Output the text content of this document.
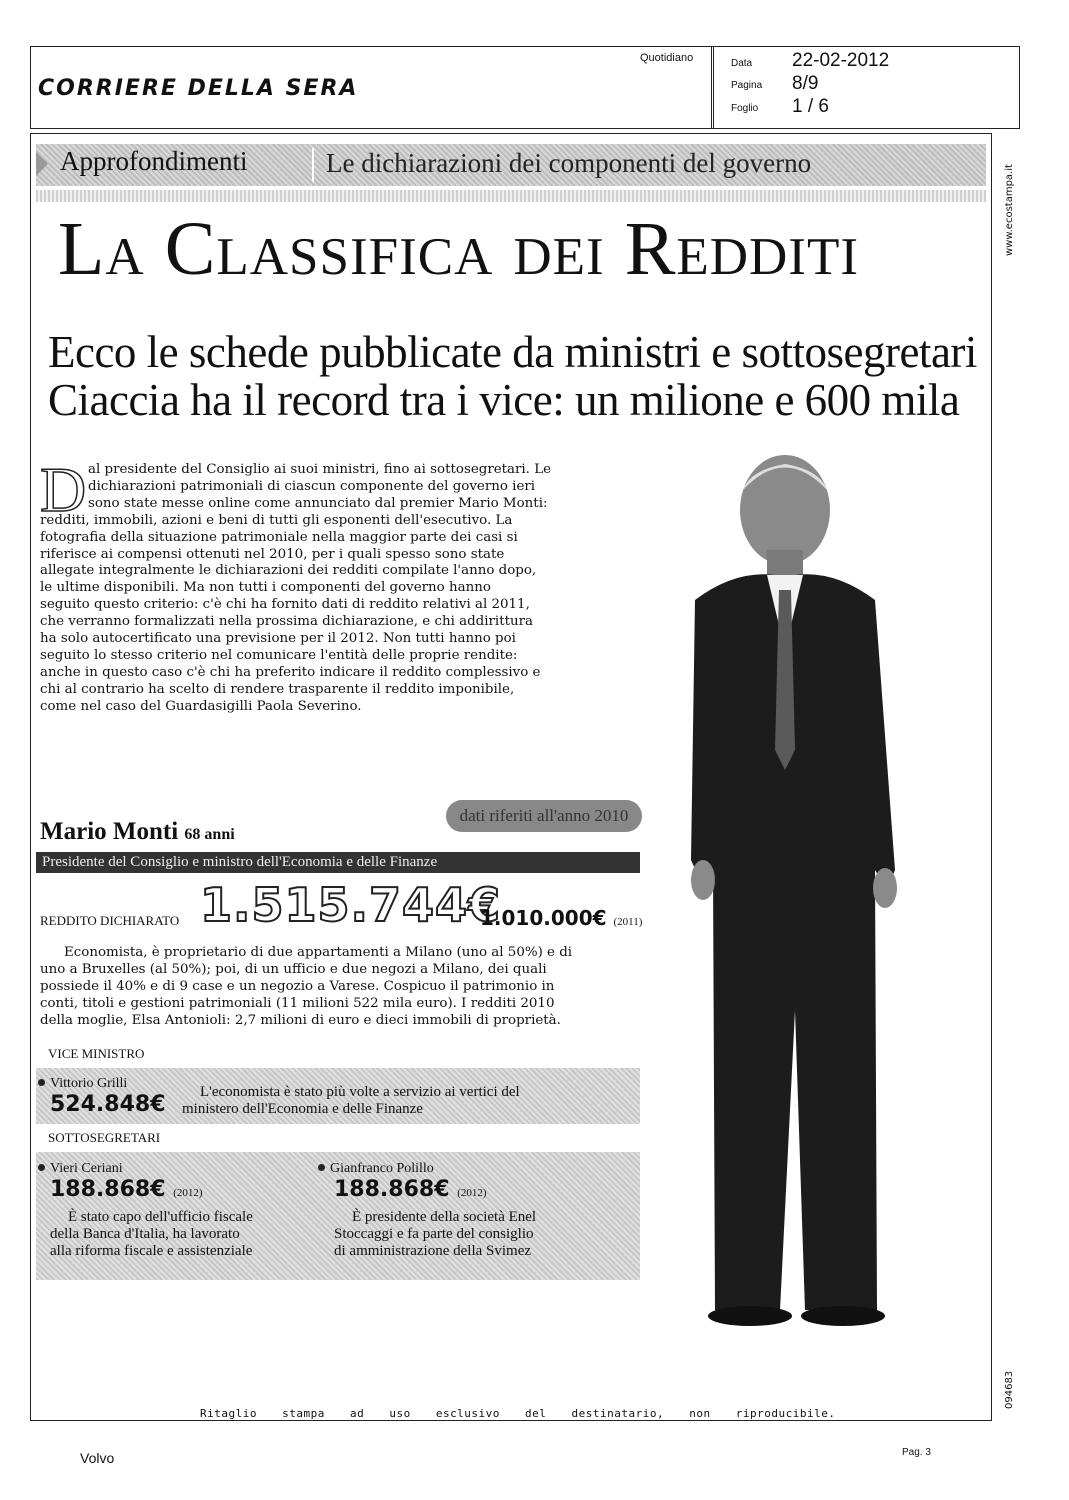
CORRIERE DELLA SERA
Quotidiano	Data 22-02-2012
Pagina 8/9
Foglio 1 / 6
www.ecostampa.it
094683
Approfondimenti	Le dichiarazioni dei componenti del governo
La Classifica dei Redditi
Ecco le schede pubblicate da ministri e sottosegretari
Ciaccia ha il record tra i vice: un milione e 600 mila
D al presidente del Consiglio ai suoi ministri, fino ai sottosegretari. Le
dichiarazioni patrimoniali di ciascun componente del governo ieri
sono state messe online come annunciato dal premier Mario Monti:
redditi, immobili, azioni e beni di tutti gli esponenti dell'esecutivo. La
fotografia della situazione patrimoniale nella maggior parte dei casi si
riferisce ai compensi ottenuti nel 2010, per i quali spesso sono state
allegate integralmente le dichiarazioni dei redditi compilate l'anno dopo,
le ultime disponibili. Ma non tutti i componenti del governo hanno
seguito questo criterio: c'è chi ha fornito dati di reddito relativi al 2011,
che verranno formalizzati nella prossima dichiarazione, e chi addirittura
ha solo autocertificato una previsione per il 2012. Non tutti hanno poi
seguito lo stesso criterio nel comunicare l'entità delle proprie rendite:
anche in questo caso c'è chi ha preferito indicare il reddito complessivo e
chi al contrario ha scelto di rendere trasparente il reddito imponibile,
come nel caso del Guardasigilli Paola Severino.
dati riferiti all'anno 2010
Mario Monti 68 anni
Presidente del Consiglio e ministro dell'Economia e delle Finanze
REDDITO DICHIARATO 1.515.744€
1.010.000€ (2011)
Economista, è proprietario di due appartamenti a Milano (uno al 50%) e di
uno a Bruxelles (al 50%); poi, di un ufficio e due negozi a Milano, dei quali
possiede il 40% e di 9 case e un negozio a Varese. Cospicuo il patrimonio in
conti, titoli e gestioni patrimoniali (11 milioni 522 mila euro). I redditi 2010
della moglie, Elsa Antonioli: 2,7 milioni di euro e dieci immobili di proprietà.
VICE MINISTRO
Vittorio Grilli
524.848€	L'economista è stato più volte a servizio ai vertici del
ministero dell'Economia e delle Finanze
SOTTOSEGRETARI
Vieri Ceriani
188.868€ (2012)
È stato capo dell'ufficio fiscale
della Banca d'Italia, ha lavorato
alla riforma fiscale e assistenziale
Gianfranco Polillo
188.868€ (2012)
È presidente della società Enel
Stoccaggi e fa parte del consiglio
di amministrazione della Svimez
Ritaglio stampa ad uso esclusivo del destinatario, non riproducibile.
Volvo	Pag. 3
